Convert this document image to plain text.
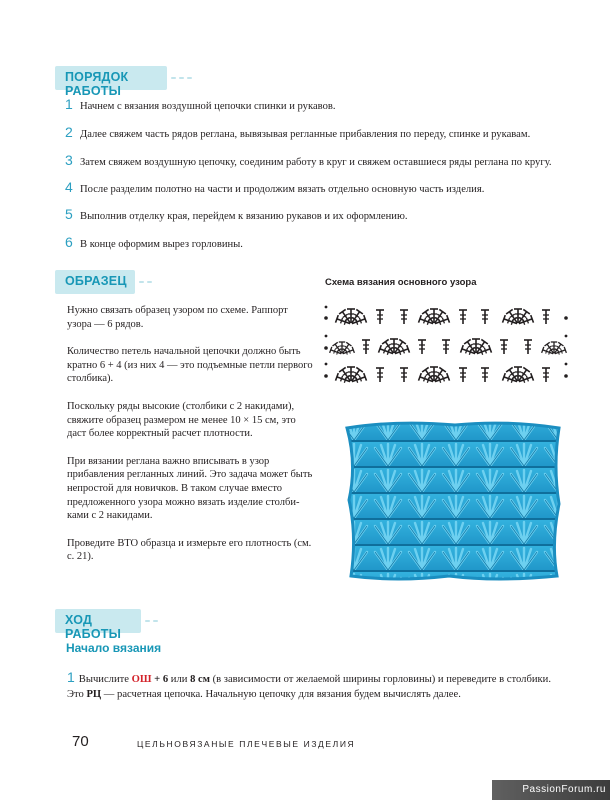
ПОРЯДОК РАБОТЫ
1 Начнем с вязания воздушной цепочки спинки и рукавов.
2 Далее свяжем часть рядов реглана, вывязывая регланные прибавления по переду, спинке и рукавам.
3 Затем свяжем воздушную цепочку, соединим работу в круг и свяжем оставшиеся ряды реглана по кругу.
4 После разделим полотно на части и продолжим вязать отдельно основную часть изделия.
5 Выполнив отделку края, перейдем к вязанию рукавов и их оформлению.
6 В конце оформим вырез горловины.
ОБРАЗЕЦ

Нужно связать образец узором по схеме. Раппорт узора — 6 рядов.

Количество петель начальной цепочки должно быть кратно 6 + 4 (из них 4 — это подъемные петли первого столбика).

Поскольку ряды высокие (столбики с 2 накидами), свяжите образец размером не менее 10 × 15 см, это даст более корректный расчет плотности.

При вязании реглана важно вписывать в узор прибавления регланных линий. Это задача может быть непростой для новичков. В таком случае вместо предложенного узора можно вязать изделие столбиками с 2 накидами.

Проведите ВТО образца и измерьте его плотность (см. с. 21).

Схема вязания основного узора
ХОД РАБОТЫ
Начало вязания
1 Вычислите ОШ + 6 или 8 см (в зависимости от желаемой ширины горловины) и переведите в столбики.
Это РЦ — расчетная цепочка. Начальную цепочку для вязания будем вычислять далее.
70	ЦЕЛЬНОВЯЗАНЫЕ ПЛЕЧЕВЫЕ ИЗДЕЛИЯ
PassionForum.ru
